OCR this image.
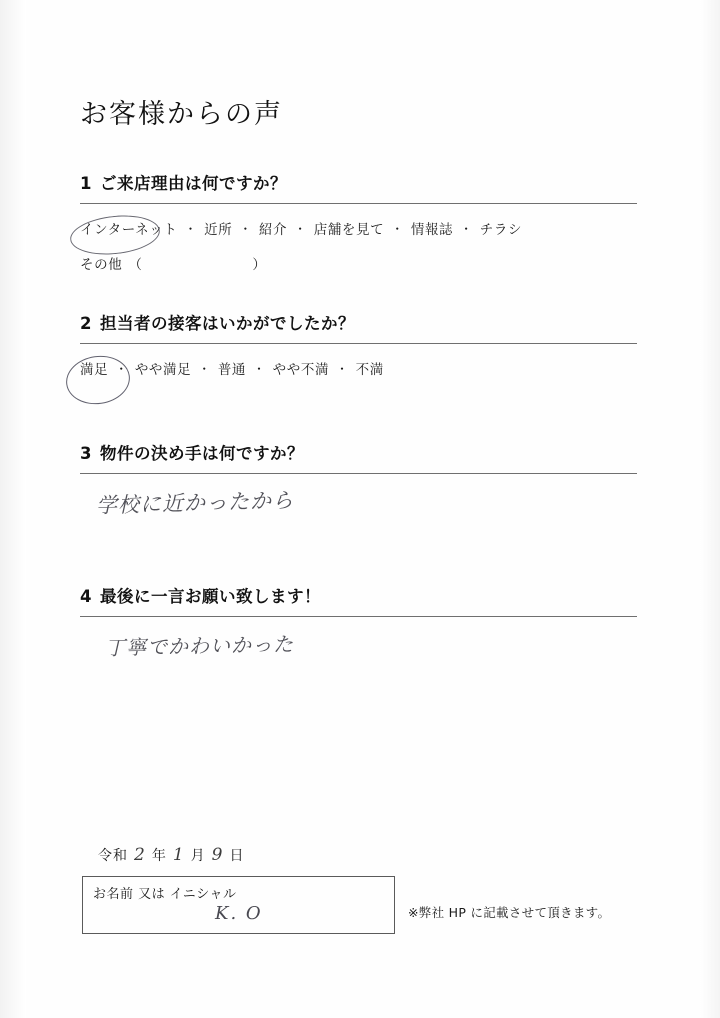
お客様からの声
1 ご来店理由は何ですか？
インターネット ・ 近所 ・ 紹介 ・ 店舗を見て ・ 情報誌 ・ チラシ
その他 （	）
2 担当者の接客はいかがでしたか？
満足 ・ やや満足 ・ 普通 ・ やや不満 ・ 不満
3 物件の決め手は何ですか？
学校に近かったから
4 最後に一言お願い致します！
丁寧でかわいかった
令和 2 年 1 月 9 日
お名前 又は イニシャル
K. O	※弊社 HP に記載させて頂きます。
